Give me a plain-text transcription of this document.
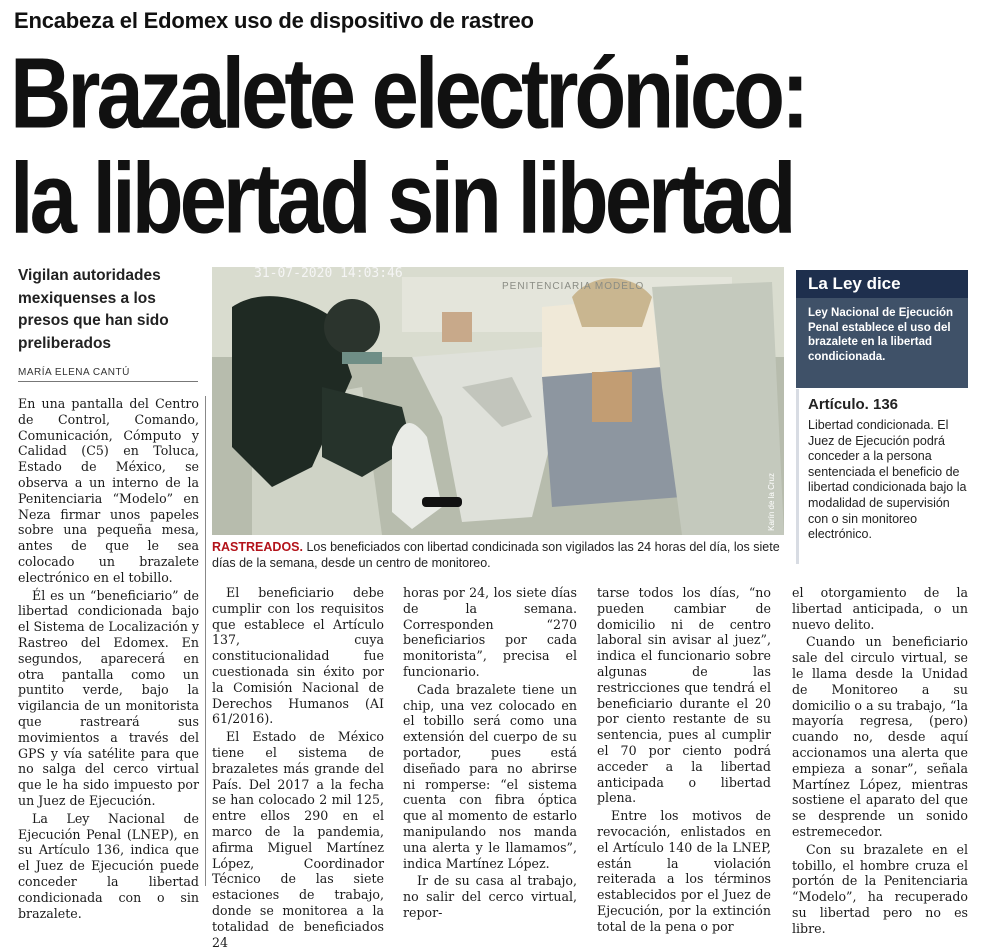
Encabeza el Edomex uso de dispositivo de rastreo
Brazalete electrónico:
la libertad sin libertad
Vigilan autoridades mexiquenses a los presos que han sido preliberados
MARÍA ELENA CANTÚ
31-07-2020 14:03:46
PENITENCIARIA MODELO
Karín de la Cruz
RASTREADOS. Los beneficiados con libertad condicinada son vigilados las 24 horas del día, los siete días de la semana, desde un centro de monitoreo.
La Ley dice
Ley Nacional de Ejecución Penal establece el uso del brazalete en la libertad condicionada.
Artículo. 136
Libertad condicionada. El Juez de Ejecución podrá conceder a la persona sentenciada el beneficio de libertad condicionada bajo la modalidad de supervisión con o sin monitoreo electrónico.

En una pantalla del Centro de Control, Comando, Comunicación, Cómputo y Calidad (C5) en Toluca, Estado de México, se observa a un interno de la Penitenciaria “Modelo” en Neza firmar unos papeles sobre una pequeña mesa, antes de que le sea colocado un brazalete electrónico en el tobillo.

Él es un “beneficiario” de libertad condicionada bajo el Sistema de Localización y Rastreo del Edomex. En segundos, aparecerá en otra pantalla como un puntito verde, bajo la vigilancia de un monitorista que rastreará sus movimientos a través del GPS y vía satélite para que no salga del cerco virtual que le ha sido impuesto por un Juez de Ejecución.

La Ley Nacional de Ejecución Penal (LNEP), en su Artículo 136, indica que el Juez de Ejecución puede conceder la libertad condicionada con o sin brazalete.

El beneficiario debe cumplir con los requisitos que establece el Artículo 137, cuya constitucionalidad fue cuestionada sin éxito por la Comisión Nacional de Derechos Humanos (AI 61/2016).

El Estado de México tiene el sistema de brazaletes más grande del País. Del 2017 a la fecha se han colocado 2 mil 125, entre ellos 290 en el marco de la pandemia, afirma Miguel Martínez López, Coordinador Técnico de las siete estaciones de trabajo, donde se monitorea a la totalidad de beneficiados 24

horas por 24, los siete días de la semana. Corresponden “270 beneficiarios por cada monitorista”, precisa el funcionario.

Cada brazalete tiene un chip, una vez colocado en el tobillo será como una extensión del cuerpo de su portador, pues está diseñado para no abrirse ni romperse: “el sistema cuenta con fibra óptica que al momento de estarlo manipulando nos manda una alerta y le llamamos”, indica Martínez López.

Ir de su casa al trabajo, no salir del cerco virtual, repor-

tarse todos los días, “no pueden cambiar de domicilio ni de centro laboral sin avisar al juez”, indica el funcionario sobre algunas de las restricciones que tendrá el beneficiario durante el 20 por ciento restante de su sentencia, pues al cumplir el 70 por ciento podrá acceder a la libertad anticipada o libertad plena.

Entre los motivos de revocación, enlistados en el Artículo 140 de la LNEP, están la violación reiterada a los términos establecidos por el Juez de Ejecución, por la extinción total de la pena o por

el otorgamiento de la libertad anticipada, o un nuevo delito.

Cuando un beneficiario sale del circulo virtual, se le llama desde la Unidad de Monitoreo a su domicilio o a su trabajo, “la mayoría regresa, (pero) cuando no, desde aquí accionamos una alerta que empieza a sonar”, señala Martínez López, mientras sostiene el aparato del que se desprende un sonido estremecedor.

Con su brazalete en el tobillo, el hombre cruza el portón de la Penitenciaria “Modelo”, ha recuperado su libertad pero no es libre.
